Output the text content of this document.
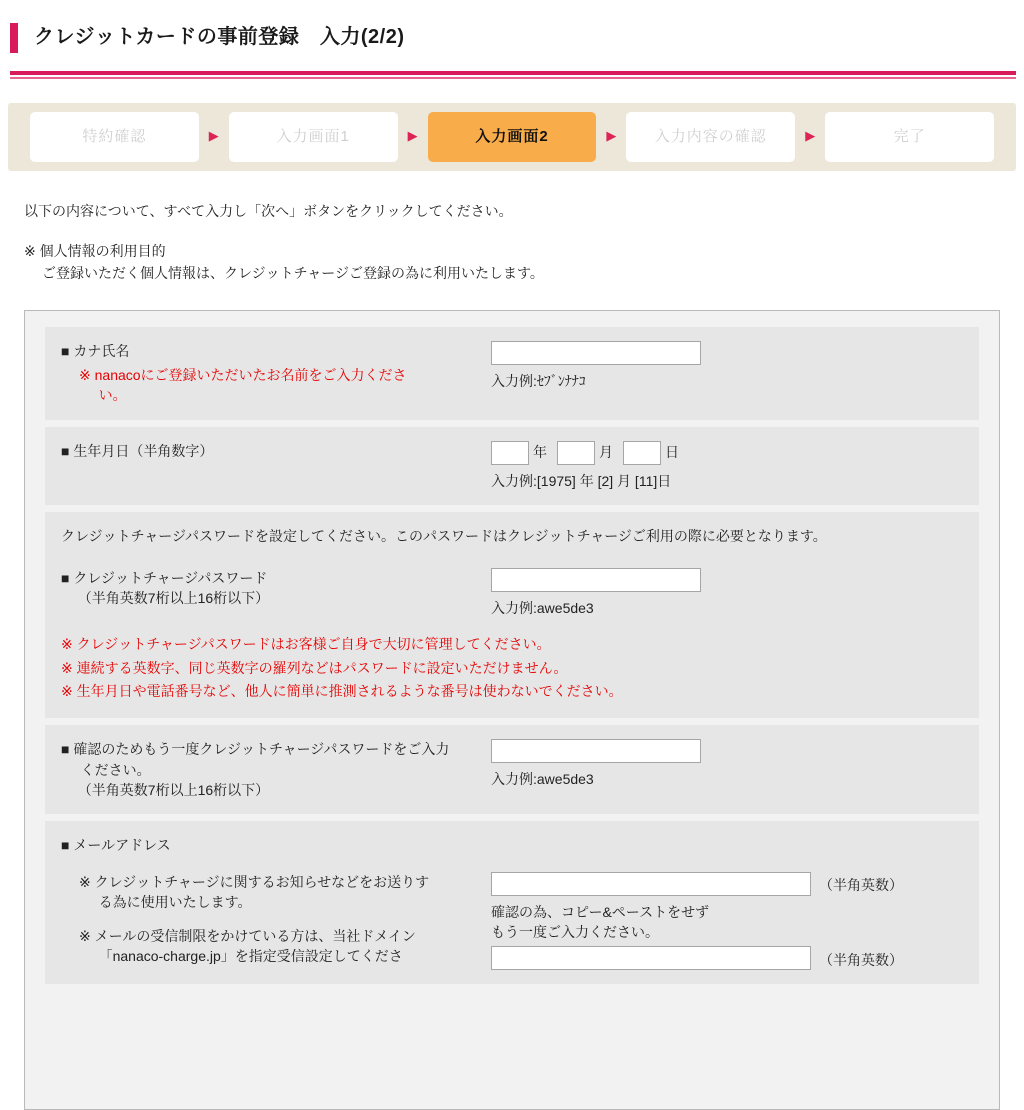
クレジットカードの事前登録　入力(2/2)
特約確認	▶	入力画面1	▶	入力画面2	▶	入力内容の確認	▶	完了
以下の内容について、すべて入力し「次へ」ボタンをクリックしてください。
※ 個人情報の利用目的
ご登録いただく個人情報は、クレジットチャージご登録の為に利用いたします。
■ カナ氏名
※ nanacoにご登録いただいたお名前をご入力ください。
入力例:ｾﾌﾞﾝﾅﾅｺ
■ 生年月日（半角数字）	年	月	日
入力例:[1975] 年 [2] 月 [11]日
クレジットチャージパスワードを設定してください。このパスワードはクレジットチャージご利用の際に必要となります。
■ クレジットチャージパスワード
（半角英数7桁以上16桁以下）
入力例:awe5de3
※ クレジットチャージパスワードはお客様ご自身で大切に管理してください。
※ 連続する英数字、同じ英数字の羅列などはパスワードに設定いただけません。
※ 生年月日や電話番号など、他人に簡単に推測されるような番号は使わないでください。
■ 確認のためもう一度クレジットチャージパスワードをご入力ください。
（半角英数7桁以上16桁以下）
入力例:awe5de3
■ メールアドレス
※ クレジットチャージに関するお知らせなどをお送りする為に使用いたします。
※ メールの受信制限をかけている方は、当社ドメイン「nanaco-charge.jp」を指定受信設定してくださ
（半角英数）
確認の為、コピー&ペーストをせず
もう一度ご入力ください。
（半角英数）
